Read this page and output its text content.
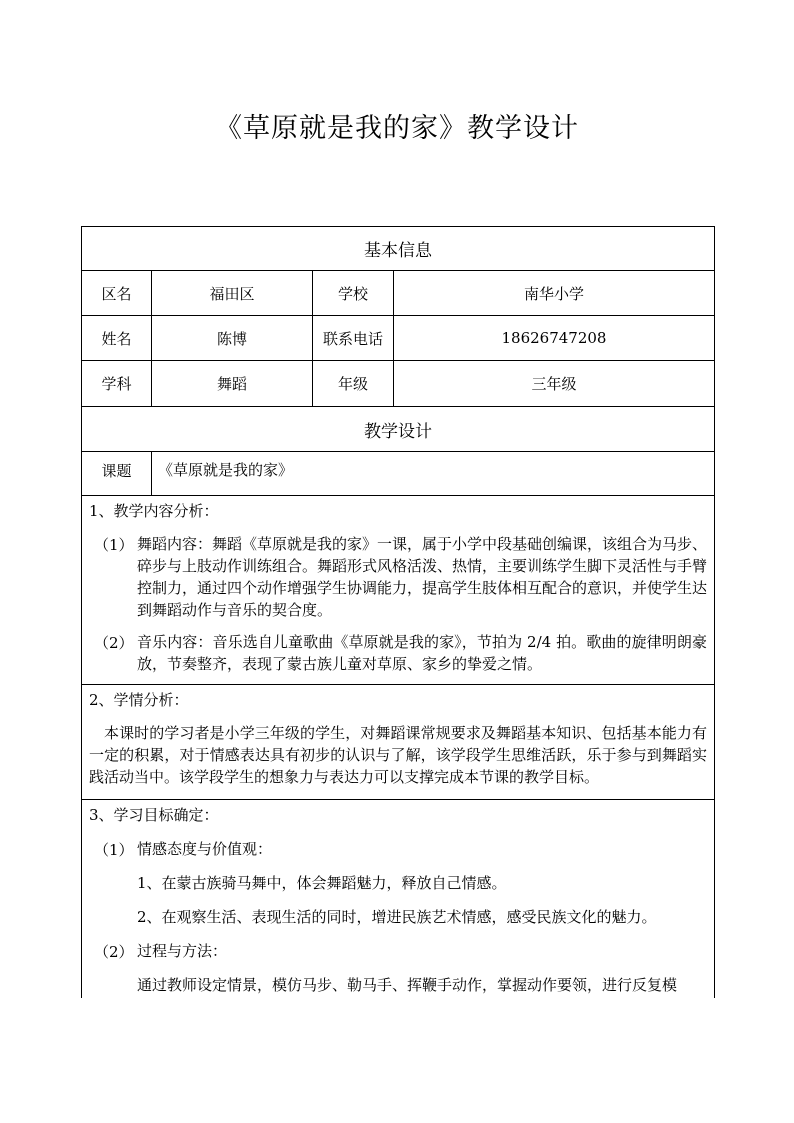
《草原就是我的家》教学设计
基本信息
区名	福田区	学校	南华小学
姓名	陈博	联系电话	18626747208
学科	舞蹈	年级	三年级
教学设计
课题	《草原就是我的家》
1、教学内容分析：
（1） 舞蹈内容：舞蹈《草原就是我的家》一课，属于小学中段基础创编课，该组合为马步、碎步与上肢动作训练组合。舞蹈形式风格活泼、热情，主要训练学生脚下灵活性与手臂控制力，通过四个动作增强学生协调能力，提高学生肢体相互配合的意识，并使学生达到舞蹈动作与音乐的契合度。
（2） 音乐内容：音乐选自儿童歌曲《草原就是我的家》，节拍为 2/4 拍。歌曲的旋律明朗豪放，节奏整齐，表现了蒙古族儿童对草原、家乡的挚爱之情。
2、学情分析：
本课时的学习者是小学三年级的学生，对舞蹈课常规要求及舞蹈基本知识、包括基本能力有一定的积累，对于情感表达具有初步的认识与了解，该学段学生思维活跃，乐于参与到舞蹈实践活动当中。该学段学生的想象力与表达力可以支撑完成本节课的教学目标。
3、学习目标确定：
（1） 情感态度与价值观：
1、在蒙古族骑马舞中，体会舞蹈魅力，释放自己情感。
2、在观察生活、表现生活的同时，增进民族艺术情感，感受民族文化的魅力。
（2） 过程与方法：
通过教师设定情景，模仿马步、勒马手、挥鞭手动作，掌握动作要领，进行反复模
